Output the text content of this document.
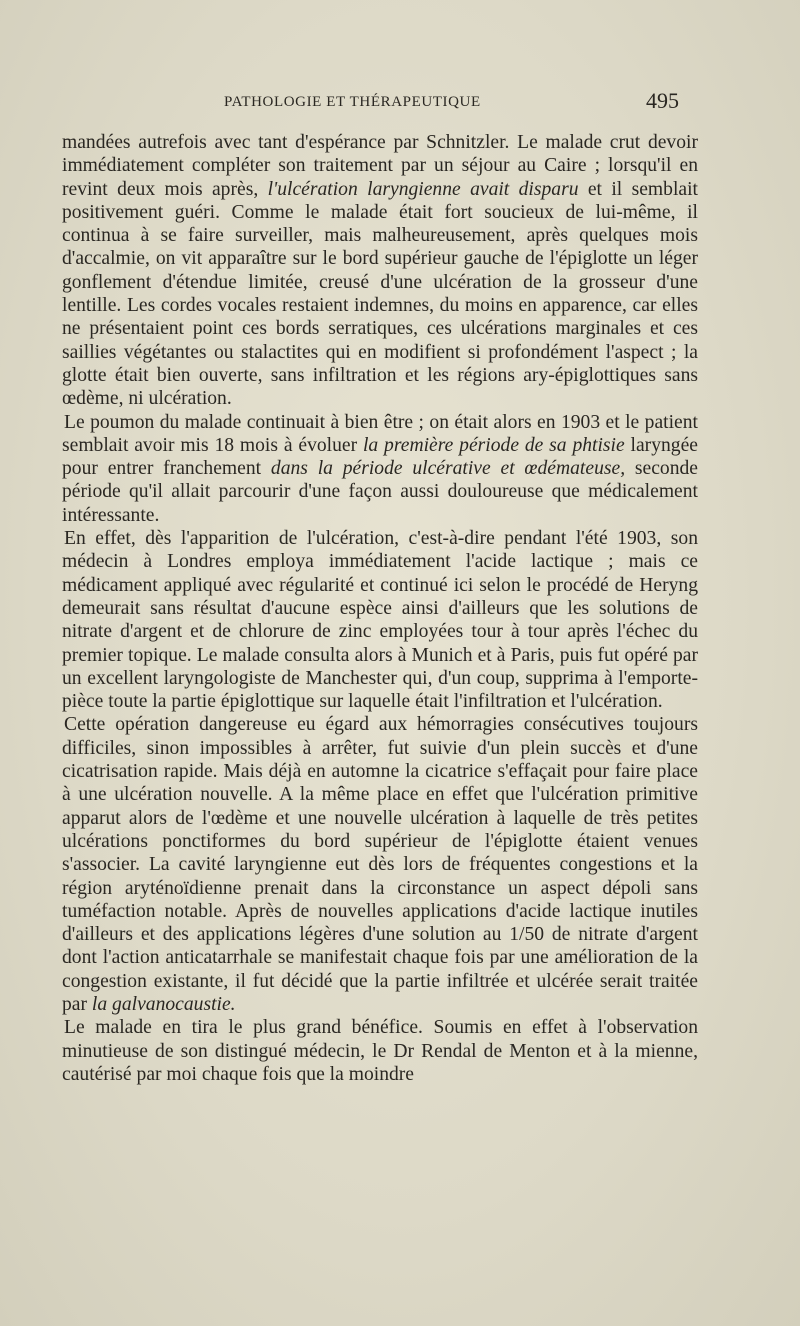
PATHOLOGIE ET THÉRAPEUTIQUE	495

mandées autrefois avec tant d'espérance par Schnitzler. Le malade crut devoir immédiatement compléter son traitement par un séjour au Caire ; lorsqu'il en revint deux mois après, l'ulcération laryngienne avait disparu et il semblait positivement guéri. Comme le malade était fort soucieux de lui-même, il continua à se faire surveiller, mais malheureusement, après quelques mois d'accalmie, on vit apparaître sur le bord supérieur gauche de l'épiglotte un léger gonflement d'étendue limitée, creusé d'une ulcération de la grosseur d'une lentille. Les cordes vocales restaient indemnes, du moins en apparence, car elles ne présentaient point ces bords serratiques, ces ulcérations marginales et ces saillies végétantes ou stalactites qui en modifient si profondément l'aspect ; la glotte était bien ouverte, sans infiltration et les régions ary-épiglottiques sans œdème, ni ulcération.

Le poumon du malade continuait à bien être ; on était alors en 1903 et le patient semblait avoir mis 18 mois à évoluer la première période de sa phtisie laryngée pour entrer franchement dans la période ulcérative et œdémateuse, seconde période qu'il allait parcourir d'une façon aussi douloureuse que médicalement intéressante.

En effet, dès l'apparition de l'ulcération, c'est-à-dire pendant l'été 1903, son médecin à Londres employa immédiatement l'acide lactique ; mais ce médicament appliqué avec régularité et continué ici selon le procédé de Heryng demeurait sans résultat d'aucune espèce ainsi d'ailleurs que les solutions de nitrate d'argent et de chlorure de zinc employées tour à tour après l'échec du premier topique. Le malade consulta alors à Munich et à Paris, puis fut opéré par un excellent laryngologiste de Manchester qui, d'un coup, supprima à l'emporte-pièce toute la partie épiglottique sur laquelle était l'infiltration et l'ulcération.

Cette opération dangereuse eu égard aux hémorragies consécutives toujours difficiles, sinon impossibles à arrêter, fut suivie d'un plein succès et d'une cicatrisation rapide. Mais déjà en automne la cicatrice s'effaçait pour faire place à une ulcération nouvelle. A la même place en effet que l'ulcération primitive apparut alors de l'œdème et une nouvelle ulcération à laquelle de très petites ulcérations ponctiformes du bord supérieur de l'épiglotte étaient venues s'associer. La cavité laryngienne eut dès lors de fréquentes congestions et la région aryténoïdienne prenait dans la circonstance un aspect dépoli sans tuméfaction notable. Après de nouvelles applications d'acide lactique inutiles d'ailleurs et des applications légères d'une solution au 1/50 de nitrate d'argent dont l'action anticatarrhale se manifestait chaque fois par une amélioration de la congestion existante, il fut décidé que la partie infiltrée et ulcérée serait traitée par la galvanocaustie.

Le malade en tira le plus grand bénéfice. Soumis en effet à l'observation minutieuse de son distingué médecin, le Dr Rendal de Menton et à la mienne, cautérisé par moi chaque fois que la moindre
